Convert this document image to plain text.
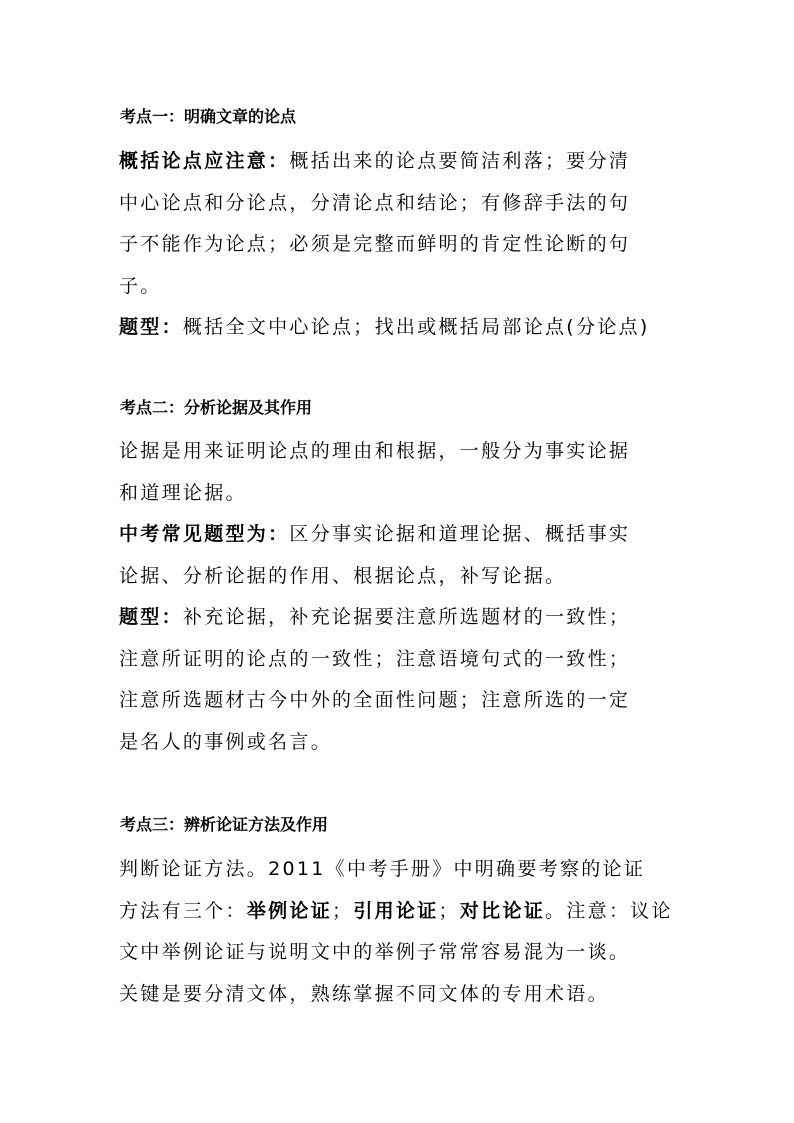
考点一：明确文章的论点
概括论点应注意：概括出来的论点要简洁利落；要分清
中心论点和分论点，分清论点和结论；有修辞手法的句
子不能作为论点；必须是完整而鲜明的肯定性论断的句
子。
题型：概括全文中心论点；找出或概括局部论点(分论点)
考点二：分析论据及其作用
论据是用来证明论点的理由和根据，一般分为事实论据
和道理论据。
中考常见题型为：区分事实论据和道理论据、概括事实
论据、分析论据的作用、根据论点，补写论据。
题型：补充论据，补充论据要注意所选题材的一致性；
注意所证明的论点的一致性；注意语境句式的一致性；
注意所选题材古今中外的全面性问题；注意所选的一定
是名人的事例或名言。
考点三：辨析论证方法及作用
判断论证方法。2011《中考手册》中明确要考察的论证
方法有三个：举例论证；引用论证；对比论证。注意：议论
文中举例论证与说明文中的举例子常常容易混为一谈。
关键是要分清文体，熟练掌握不同文体的专用术语。
